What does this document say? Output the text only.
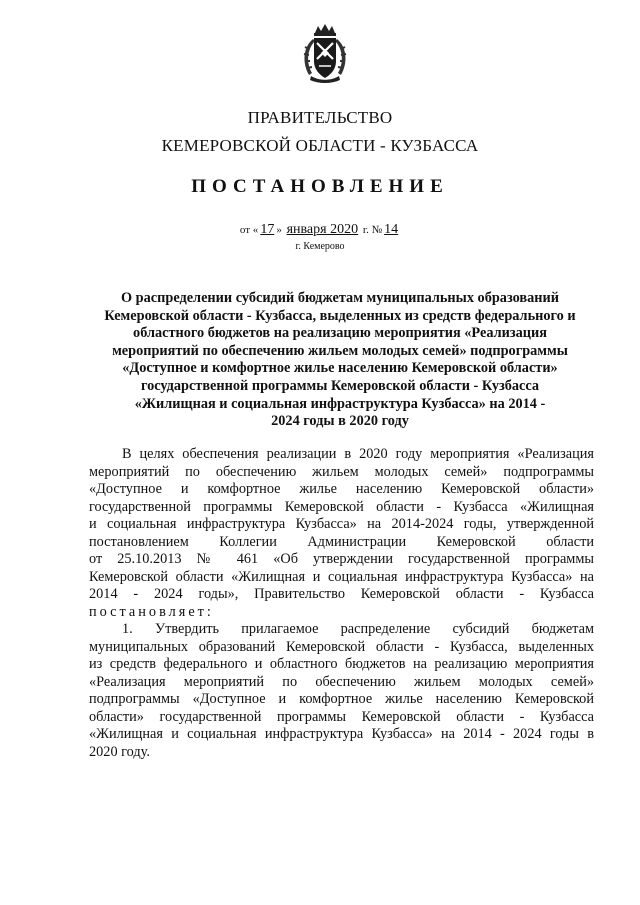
ПРАВИТЕЛЬСТВО
КЕМЕРОВСКОЙ ОБЛАСТИ - КУЗБАССА
ПОСТАНОВЛЕНИЕ
от « 17 » января 2020 г. № 14
г. Кемерово
О распределении субсидий бюджетам муниципальных образований
Кемеровской области - Кузбасса, выделенных из средств федерального и
областного бюджетов на реализацию мероприятия «Реализация
мероприятий по обеспечению жильем молодых семей» подпрограммы
«Доступное и комфортное жилье населению Кемеровской области»
государственной программы Кемеровской области - Кузбасса
«Жилищная и социальная инфраструктура Кузбасса» на 2014 -
2024 годы в 2020 году
В целях обеспечения реализации в 2020 году мероприятия «Реализация
мероприятий по обеспечению жильем молодых семей» подпрограммы
«Доступное и комфортное жилье населению Кемеровской области»
государственной программы Кемеровской области - Кузбасса «Жилищная
и социальная инфраструктура Кузбасса» на 2014-2024 годы, утвержденной
постановлением Коллегии Администрации Кемеровской области
от 25.10.2013 № 461 «Об утверждении государственной программы
Кемеровской области «Жилищная и социальная инфраструктура Кузбасса» на
2014 - 2024 годы», Правительство Кемеровской области - Кузбасса
постановляет:
1. Утвердить прилагаемое распределение субсидий бюджетам
муниципальных образований Кемеровской области - Кузбасса, выделенных
из средств федерального и областного бюджетов на реализацию мероприятия
«Реализация мероприятий по обеспечению жильем молодых семей»
подпрограммы «Доступное и комфортное жилье населению Кемеровской
области» государственной программы Кемеровской области - Кузбасса
«Жилищная и социальная инфраструктура Кузбасса» на 2014 - 2024 годы в
2020 году.
